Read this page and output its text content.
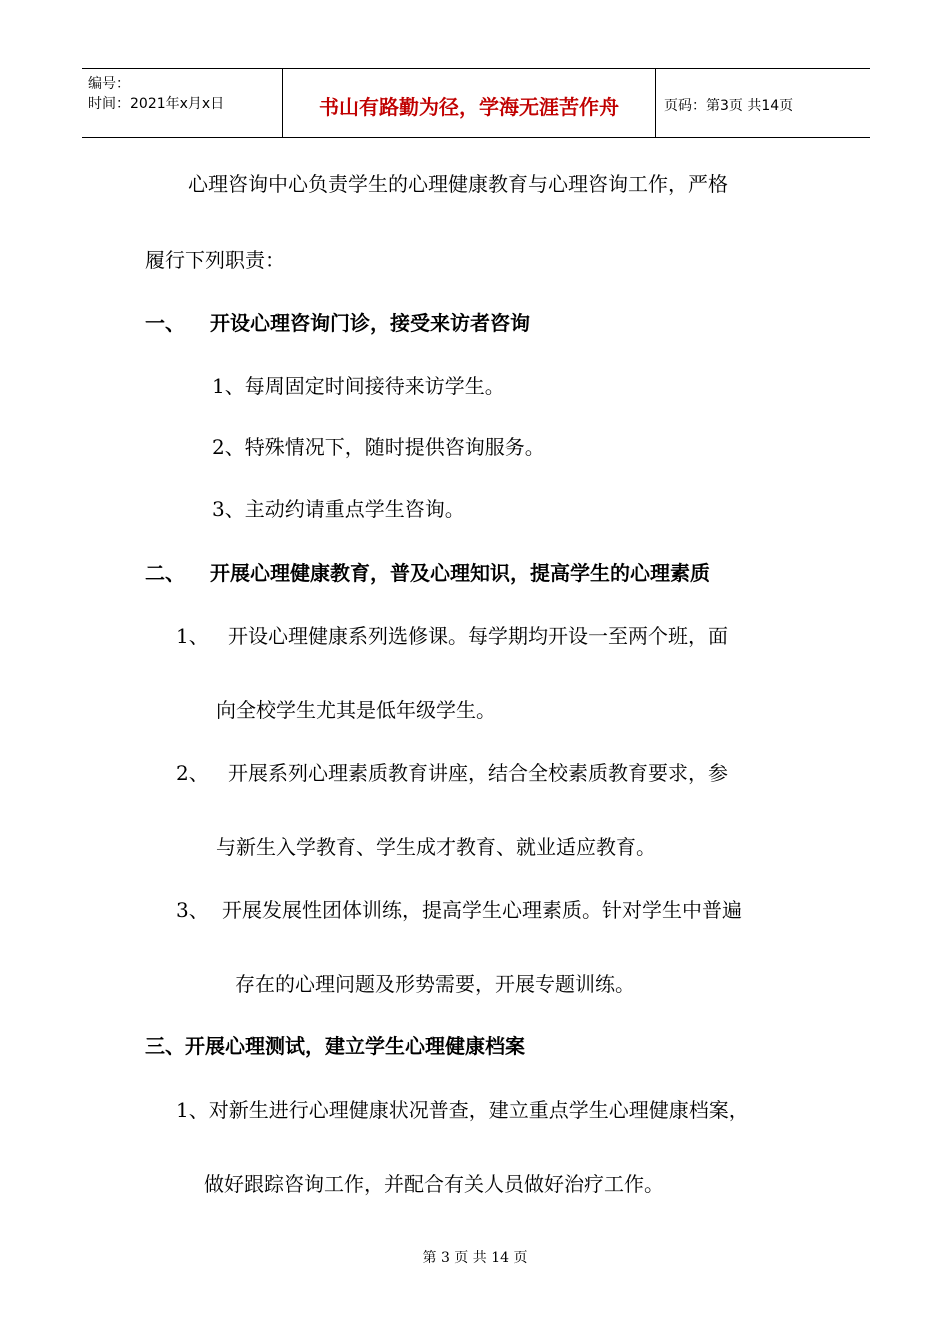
编号：
时间：2021年x月x日	书山有路勤为径，学海无涯苦作舟	页码：第3页 共14页
心理咨询中心负责学生的心理健康教育与心理咨询工作，严格
履行下列职责：
一、 开设心理咨询门诊，接受来访者咨询
1、每周固定时间接待来访学生。
2、特殊情况下，随时提供咨询服务。
3、主动约请重点学生咨询。
二、 开展心理健康教育，普及心理知识，提高学生的心理素质
1、 开设心理健康系列选修课。每学期均开设一至两个班，面
向全校学生尤其是低年级学生。
2、 开展系列心理素质教育讲座，结合全校素质教育要求，参
与新生入学教育、学生成才教育、就业适应教育。
3、 开展发展性团体训练，提高学生心理素质。针对学生中普遍
存在的心理问题及形势需要，开展专题训练。
三、开展心理测试，建立学生心理健康档案
1、对新生进行心理健康状况普查，建立重点学生心理健康档案，
做好跟踪咨询工作，并配合有关人员做好治疗工作。
第 3 页 共 14 页
